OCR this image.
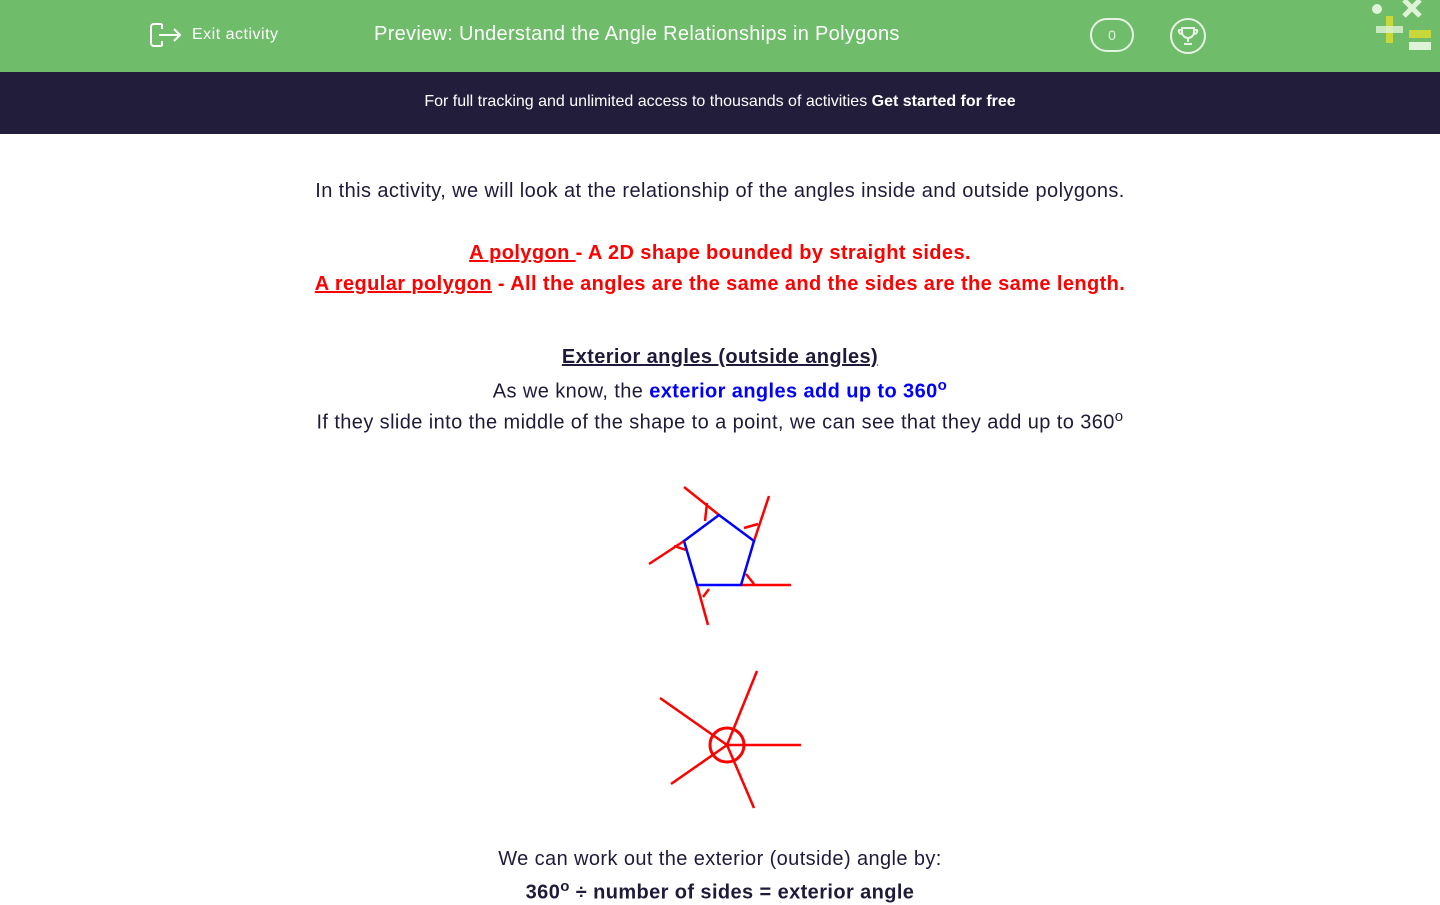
Exit activity	Preview: Understand the Angle Relationships in Polygons	0
For full tracking and unlimited access to thousands of activities Get started for free
In this activity, we will look at the relationship of the angles inside and outside polygons.
A polygon - A 2D shape bounded by straight sides.
A regular polygon - All the angles are the same and the sides are the same length.
Exterior angles (outside angles)
As we know, the exterior angles add up to 360$^o$
If they slide into the middle of the shape to a point, we can see that they add up to 360$^o$
We can work out the exterior (outside) angle by:
$360^o$ ÷ number of sides = exterior angle
